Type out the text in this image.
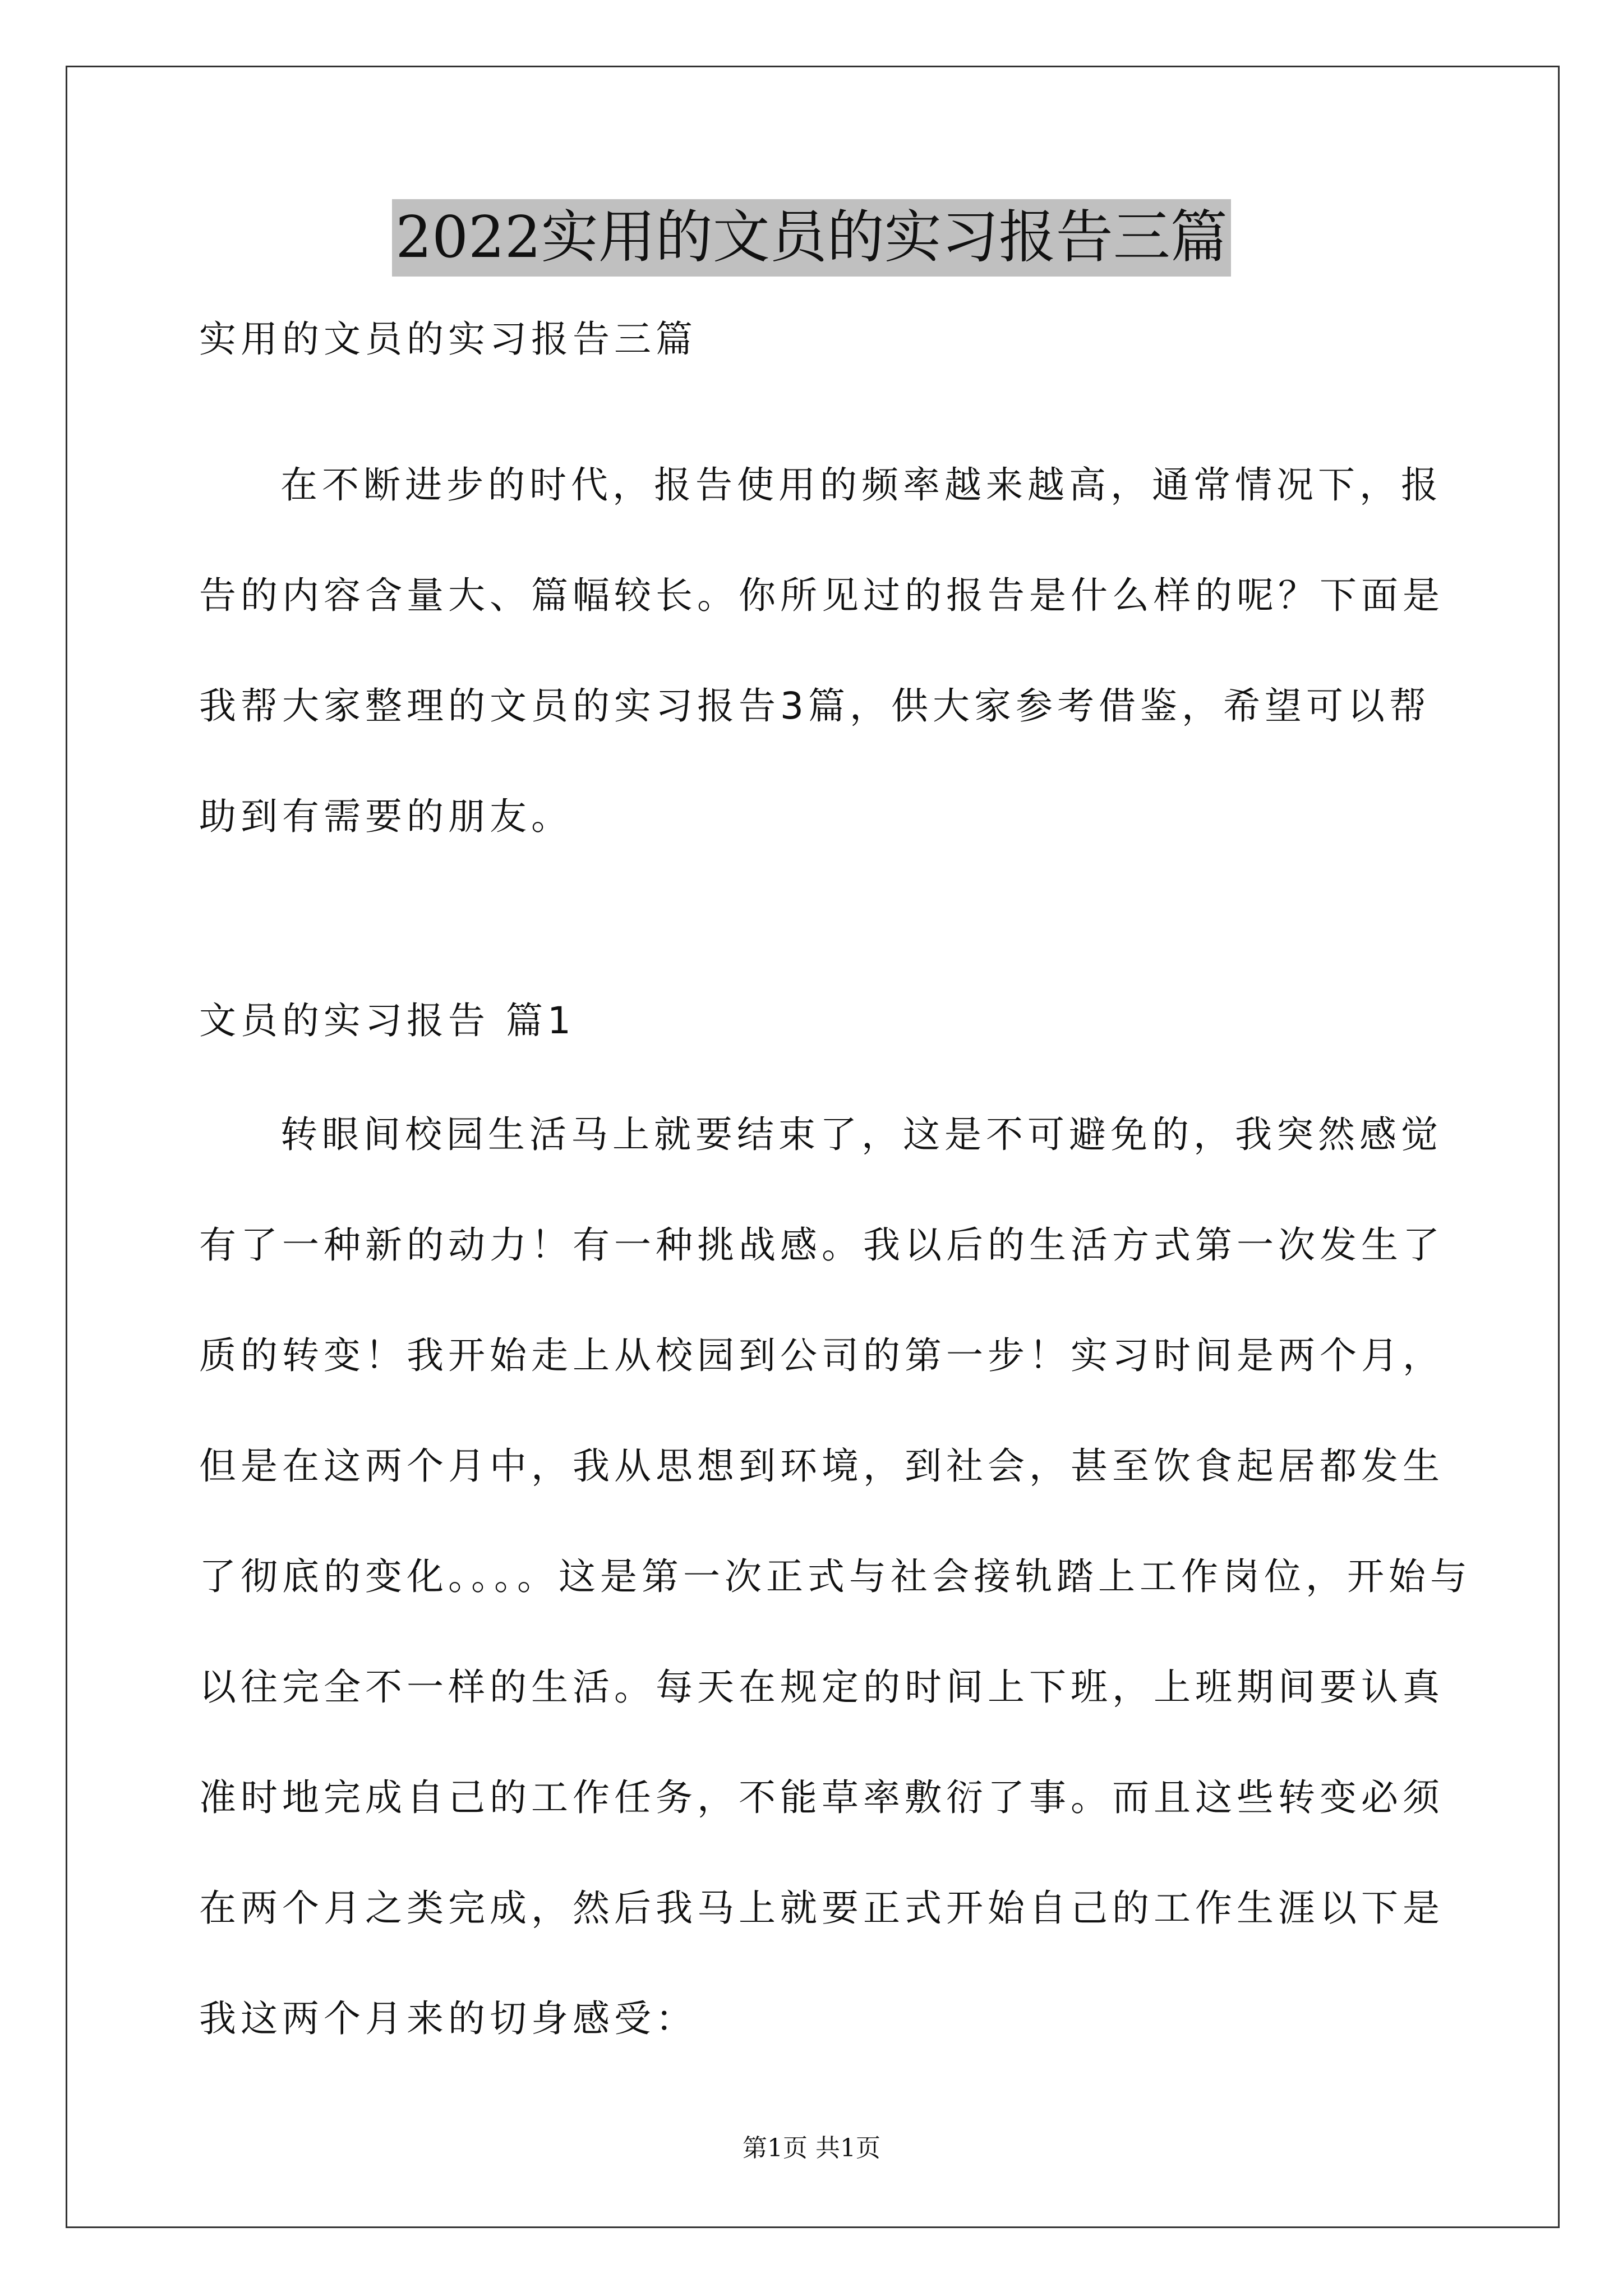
2022实用的文员的实习报告三篇
实用的文员的实习报告三篇
在不断进步的时代，报告使用的频率越来越高，通常情况下，报
告的内容含量大、篇幅较长。你所见过的报告是什么样的呢？下面是
我帮大家整理的文员的实习报告3篇，供大家参考借鉴，希望可以帮
助到有需要的朋友。
文员的实习报告 篇1
转眼间校园生活马上就要结束了，这是不可避免的，我突然感觉
有了一种新的动力！有一种挑战感。我以后的生活方式第一次发生了
质的转变！我开始走上从校园到公司的第一步！实习时间是两个月，
但是在这两个月中，我从思想到环境，到社会，甚至饮食起居都发生
了彻底的变化。。。。这是第一次正式与社会接轨踏上工作岗位，开始与
以往完全不一样的生活。每天在规定的时间上下班，上班期间要认真
准时地完成自己的工作任务，不能草率敷衍了事。而且这些转变必须
在两个月之类完成，然后我马上就要正式开始自己的工作生涯以下是
我这两个月来的切身感受：
第1页 共1页
